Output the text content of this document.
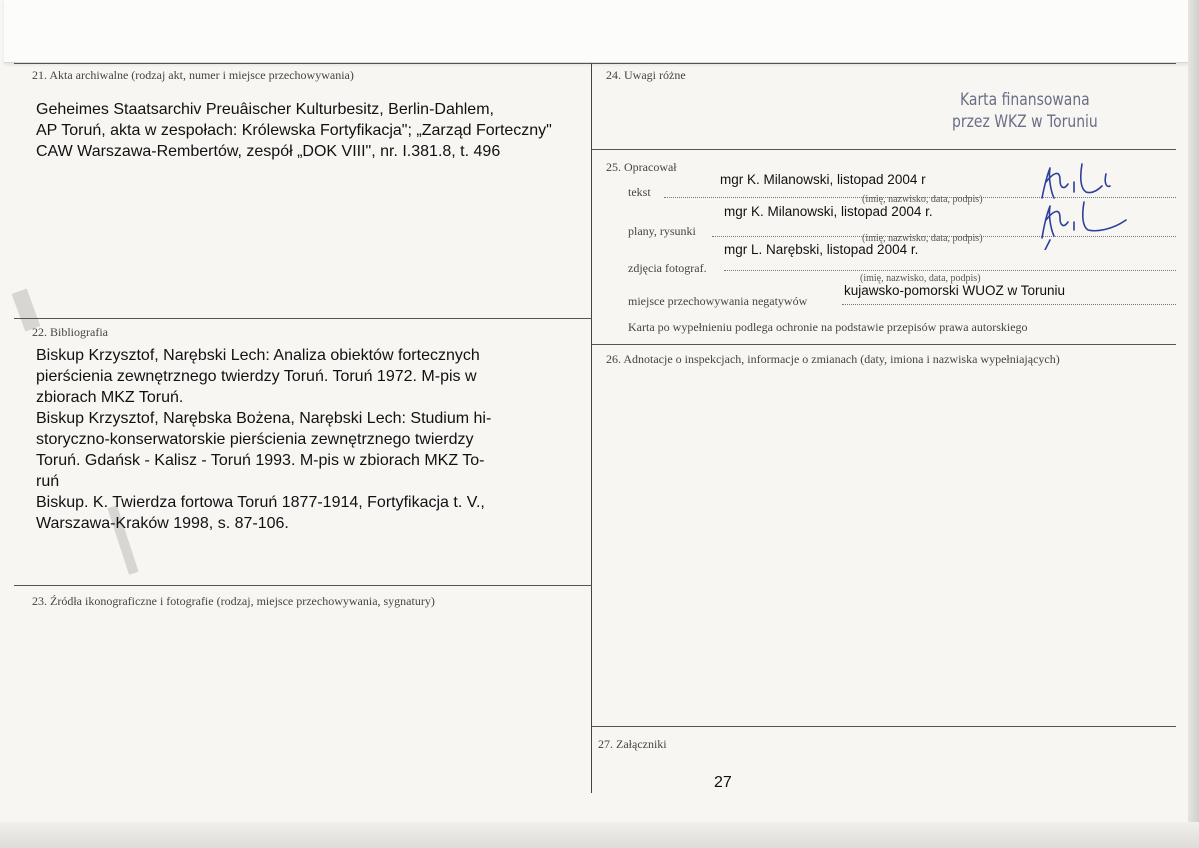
21. Akta archiwalne (rodzaj akt, numer i miejsce przechowywania)
Geheimes Staatsarchiv Preuâischer Kulturbesitz, Berlin-Dahlem,
AP Toruń, akta w zespołach: Królewska Fortyfikacja"; „Zarząd Forteczny"
CAW Warszawa-Rembertów, zespół „DOK VIII", nr. I.381.8, t. 496
22. Bibliografia
Biskup Krzysztof, Narębski Lech: Analiza obiektów fortecznych
pierścienia zewnętrznego twierdzy Toruń. Toruń 1972. M-pis w
zbiorach MKZ Toruń.
Biskup Krzysztof, Narębska Bożena, Narębski Lech: Studium hi-
storyczno-konserwatorskie pierścienia zewnętrznego twierdzy
Toruń. Gdańsk - Kalisz - Toruń 1993. M-pis w zbiorach MKZ To-
ruń
Biskup. K. Twierdza fortowa Toruń 1877-1914, Fortyfikacja t. V.,
Warszawa-Kraków 1998, s. 87-106.
23. Źródła ikonograficzne i fotografie (rodzaj, miejsce przechowywania, sygnatury)
24. Uwagi różne
Karta finansowana
przez WKZ w Toruniu
25. Opracował
tekst
mgr K. Milanowski, listopad 2004 r
(imię, nazwisko, data, podpis)
plany, rysunki
mgr K. Milanowski, listopad 2004 r.
(imię, nazwisko, data, podpis)
zdjęcia fotograf.
mgr L. Narębski, listopad 2004 r.
(imię, nazwisko, data, podpis)
miejsce przechowywania negatywów
kujawsko-pomorski WUOZ w Toruniu
Karta po wypełnieniu podlega ochronie na podstawie przepisów prawa autorskiego
26. Adnotacje o inspekcjach, informacje o zmianach (daty, imiona i nazwiska wypełniających)
27. Załączniki
27
